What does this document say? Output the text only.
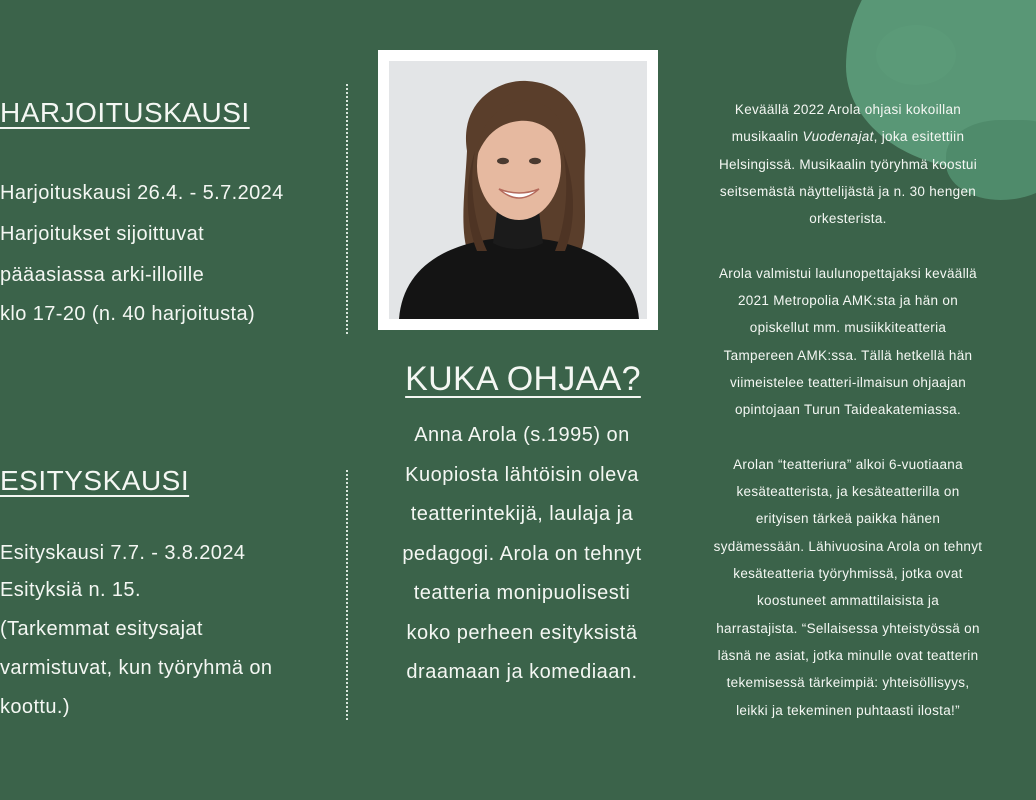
HARJOITUSKAUSI
Harjoituskausi 26.4. - 5.7.2024
Harjoitukset sijoittuvat
pääasiassa arki-illoille
klo 17-20 (n. 40 harjoitusta)
ESITYSKAUSI
Esityskausi 7.7. - 3.8.2024
Esityksiä n. 15.
(Tarkemmat esitysajat
varmistuvat, kun työryhmä on
koottu.)
KUKA OHJAA?
Anna Arola (s.1995) on
Kuopiosta lähtöisin oleva
teatterintekijä, laulaja ja
pedagogi. Arola on tehnyt
teatteria monipuolisesti
koko perheen esityksistä
draamaan ja komediaan.
Keväällä 2022 Arola ohjasi kokoillan
musikaalin Vuodenajat, joka esitettiin
Helsingissä. Musikaalin työryhmä koostui
seitsemästä näyttelijästä ja n. 30 hengen
orkesterista.
Arola valmistui laulunopettajaksi keväällä
2021 Metropolia AMK:sta ja hän on
opiskellut mm. musiikkiteatteria
Tampereen AMK:ssa. Tällä hetkellä hän
viimeistelee teatteri-ilmaisun ohjaajan
opintojaan Turun Taideakatemiassa.
Arolan “teatteriura” alkoi 6-vuotiaana
kesäteatterista, ja kesäteatterilla on
erityisen tärkeä paikka hänen
sydämessään. Lähivuosina Arola on tehnyt
kesäteatteria työryhmissä, jotka ovat
koostuneet ammattilaisista ja
harrastajista. “Sellaisessa yhteistyössä on
läsnä ne asiat, jotka minulle ovat teatterin
tekemisessä tärkeimpiä: yhteisöllisyys,
leikki ja tekeminen puhtaasti ilosta!”
